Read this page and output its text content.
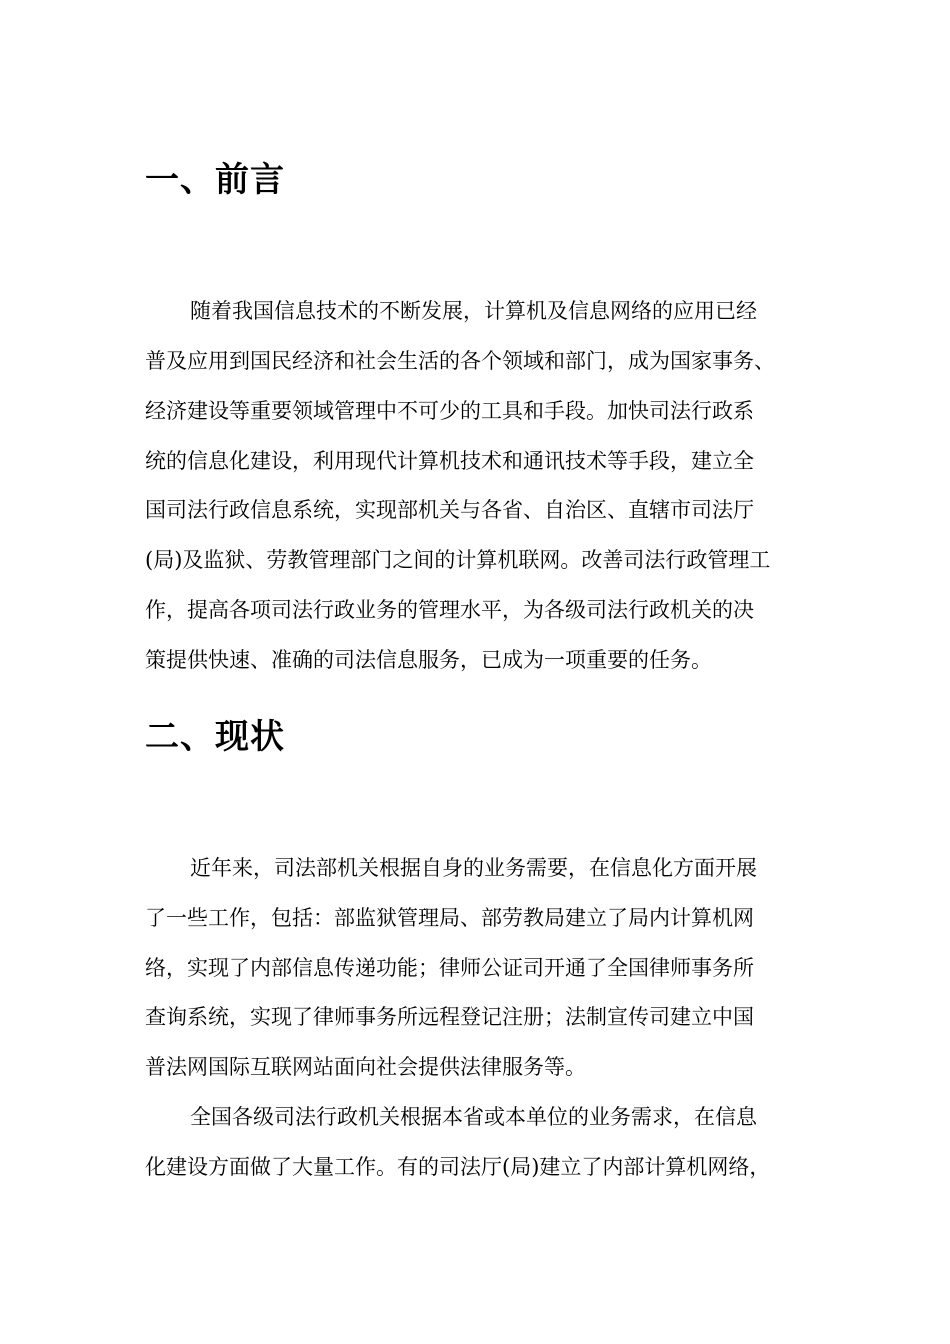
一、前言

随着我国信息技术的不断发展，计算机及信息网络的应用已经

普及应用到国民经济和社会生活的各个领域和部门，成为国家事务、

经济建设等重要领域管理中不可少的工具和手段。加快司法行政系

统的信息化建设，利用现代计算机技术和通讯技术等手段，建立全

国司法行政信息系统，实现部机关与各省、自治区、直辖市司法厅

(局)及监狱、劳教管理部门之间的计算机联网。改善司法行政管理工

作，提高各项司法行政业务的管理水平，为各级司法行政机关的决

策提供快速、准确的司法信息服务，已成为一项重要的任务。

二、现状

近年来，司法部机关根据自身的业务需要，在信息化方面开展

了一些工作，包括：部监狱管理局、部劳教局建立了局内计算机网

络，实现了内部信息传递功能；律师公证司开通了全国律师事务所

查询系统，实现了律师事务所远程登记注册；法制宣传司建立中国

普法网国际互联网站面向社会提供法律服务等。

全国各级司法行政机关根据本省或本单位的业务需求，在信息

化建设方面做了大量工作。有的司法厅(局)建立了内部计算机网络，
